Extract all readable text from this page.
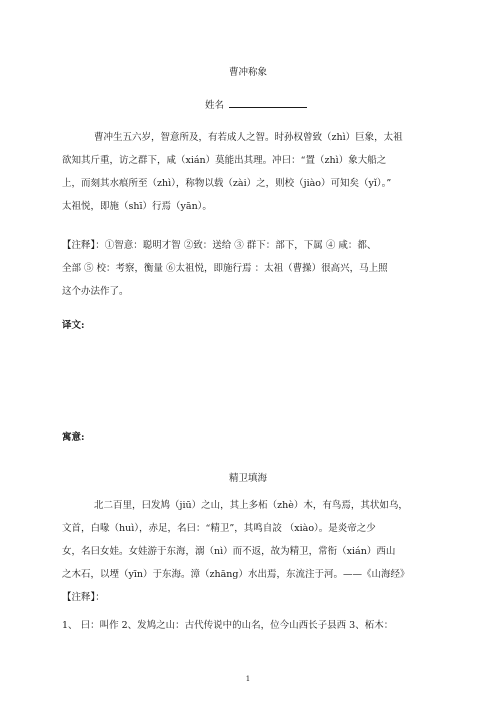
曹冲称象
姓名
曹冲生五六岁，智意所及，有若成人之智。时孙权曾致（zhì）巨象，太祖
欲知其斤重，访之群下，咸（xián）莫能出其理。冲曰：“置（zhì）象大船之
上，而刻其水痕所至（zhì），称物以载（zài）之，则校（jiào）可知矣（yǐ）。”
太祖悦，即施（shī）行焉（yān）。
【注释】：①智意：聪明才智 ②致：送给 ③ 群下：部下，下属 ④ 咸：都、
全部 ⑤ 校：考察，衡量 ⑥太祖悦，即施行焉 ：太祖（曹操）很高兴，马上照
这个办法作了。
译文:
寓意:
精卫填海
北二百里，曰发鸠（jiū）之山，其上多柘（zhè）木，有鸟焉，其状如乌，
文首，白喙（huì），赤足，名曰：“精卫”，其鸣自詨 （xiào）。是炎帝之少
女，名曰女娃。女娃游于东海，溺（nì）而不返，故为精卫，常衔（xián）西山
之木石，以堙（yīn）于东海。漳（zhāng）水出焉，东流注于河。——《山海经》
【注释】：
1、 曰：叫作 2、发鸠之山：古代传说中的山名，位今山西长子县西 3、柘木：
1
